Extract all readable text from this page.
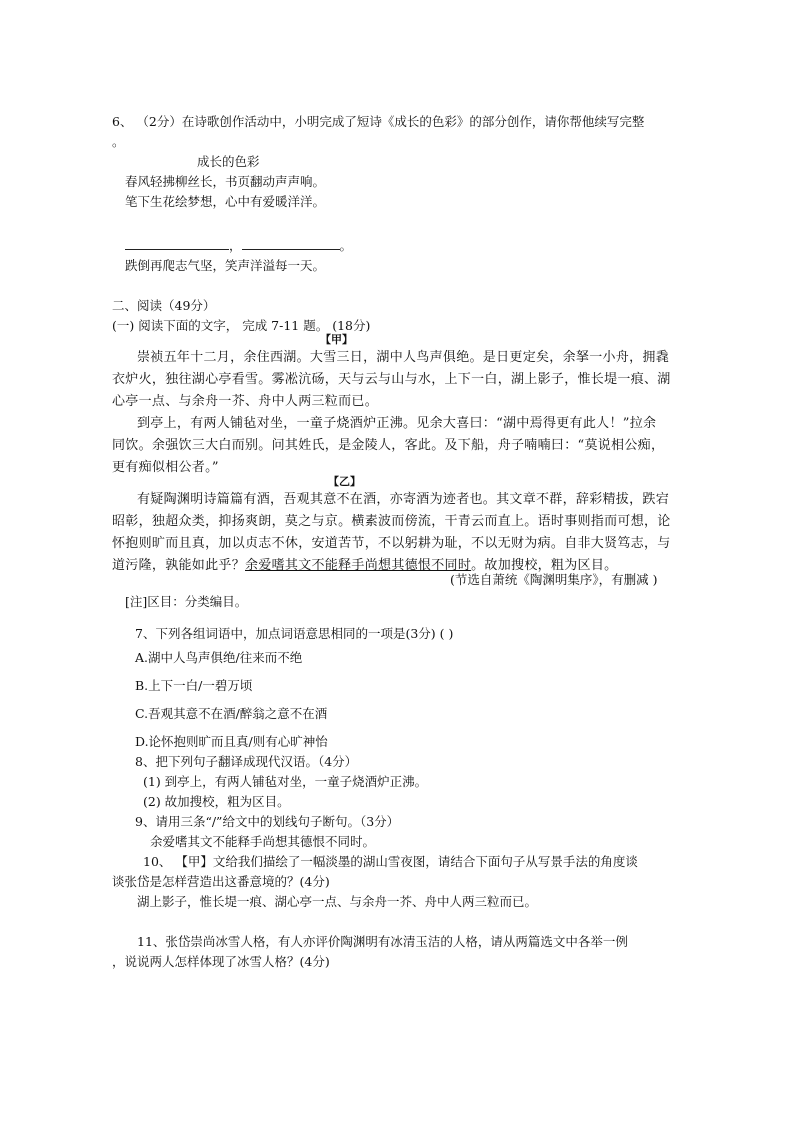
6、 （2分）在诗歌创作活动中，小明完成了短诗《成长的色彩》的部分创作，请你帮他续写完整
。
成长的色彩
春风轻拂柳丝长，书页翻动声声响。
笔下生花绘梦想，心中有爱暖洋洋。
，	。
跌倒再爬志气坚，笑声洋溢每一天。
二、阅读（49分）
(一) 阅读下面的文字， 完成 7-11 题。 (18分)
【甲】
崇祯五年十二月，余住西湖。大雪三日，湖中人鸟声俱绝。是日更定矣，余拏一小舟，拥毳
衣炉火，独往湖心亭看雪。雾凇沆砀，天与云与山与水，上下一白，湖上影子，惟长堤一痕、湖
心亭一点、与余舟一芥、舟中人两三粒而已。
到亭上，有两人铺毡对坐，一童子烧酒炉正沸。见余大喜曰：“湖中焉得更有此人！”拉余
同饮。余强饮三大白而别。问其姓氏，是金陵人，客此。及下船，舟子喃喃曰：“莫说相公痴，
更有痴似相公者。”
【乙】
有疑陶渊明诗篇篇有酒，吾观其意不在酒，亦寄酒为迹者也。其文章不群，辞彩精拔，跌宕
昭彰，独超众类，抑扬爽朗，莫之与京。横素波而傍流，干青云而直上。语时事则指而可想，论
怀抱则旷而且真，加以贞志不休，安道苦节，不以躬耕为耻，不以无财为病。自非大贤笃志，与
道污隆，孰能如此乎？余爱嗜其文不能释手尚想其德恨不同时。故加搜校，粗为区目。
(节选自萧统《陶渊明集序》，有删减 )
[注]区目：分类编目。
7、下列各组词语中，加点词语意思相同的一项是(3分) ( )
A.湖中人鸟声俱绝/往来而不绝
B.上下一白/一碧万顷
C.吾观其意不在酒/醉翁之意不在酒
D.论怀抱则旷而且真/则有心旷神怡
8、把下列句子翻译成现代汉语。（4分）
(1) 到亭上，有两人铺毡对坐，一童子烧酒炉正沸。
(2) 故加搜校，粗为区目。
9、请用三条“/”给文中的划线句子断句。（3分）
余爱嗜其文不能释手尚想其德恨不同时。
10、 【甲】文给我们描绘了一幅淡墨的湖山雪夜图，请结合下面句子从写景手法的角度谈
谈张岱是怎样营造出这番意境的？(4分)
湖上影子，惟长堤一痕、湖心亭一点、与余舟一芥、舟中人两三粒而已。
11、张岱崇尚冰雪人格，有人亦评价陶渊明有冰清玉洁的人格，请从两篇选文中各举一例
，说说两人怎样体现了冰雪人格？(4分)
